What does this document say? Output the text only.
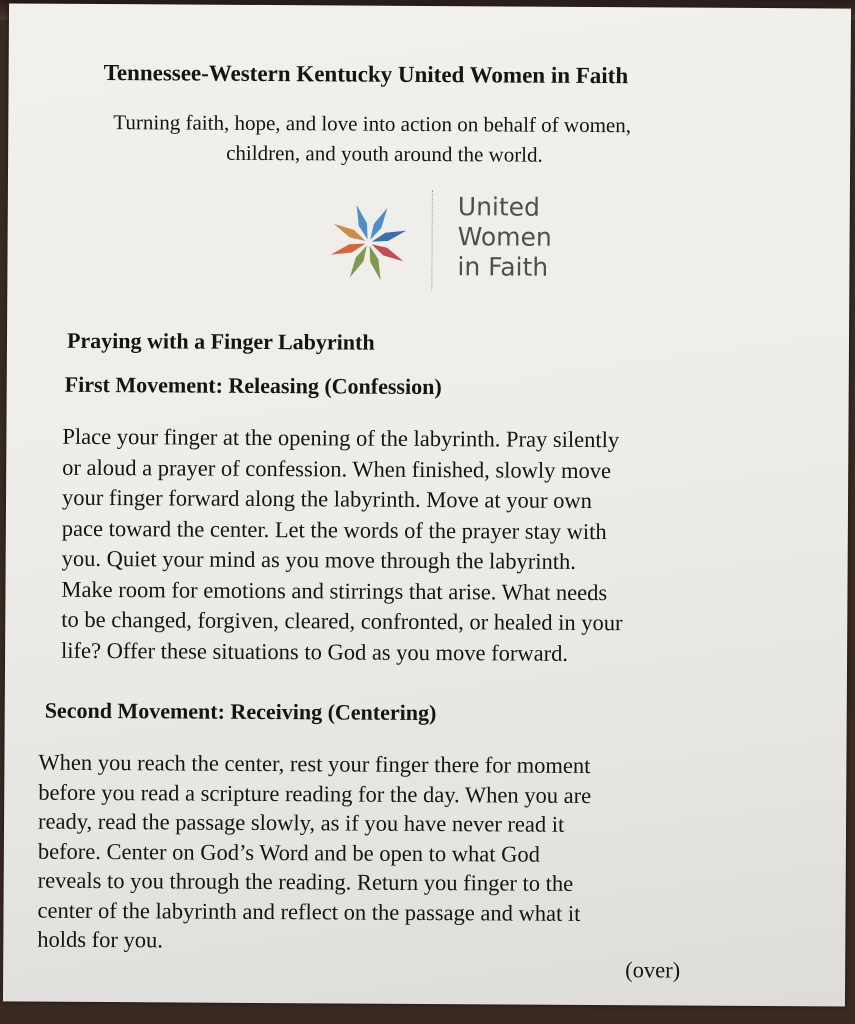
Tennessee-Western Kentucky United Women in Faith

Turning faith, hope, and love into action on behalf of women,

children, and youth around the world.

United
Women
in Faith
Praying with a Finger Labyrinth
First Movement: Releasing (Confession)
Place your finger at the opening of the labyrinth. Pray silently
or aloud a prayer of confession. When finished, slowly move
your finger forward along the labyrinth. Move at your own
pace toward the center. Let the words of the prayer stay with
you. Quiet your mind as you move through the labyrinth.
Make room for emotions and stirrings that arise. What needs
to be changed, forgiven, cleared, confronted, or healed in your
life? Offer these situations to God as you move forward.
Second Movement: Receiving (Centering)
When you reach the center, rest your finger there for moment
before you read a scripture reading for the day. When you are
ready, read the passage slowly, as if you have never read it
before. Center on God’s Word and be open to what God
reveals to you through the reading. Return you finger to the
center of the labyrinth and reflect on the passage and what it
holds for you.

(over)
